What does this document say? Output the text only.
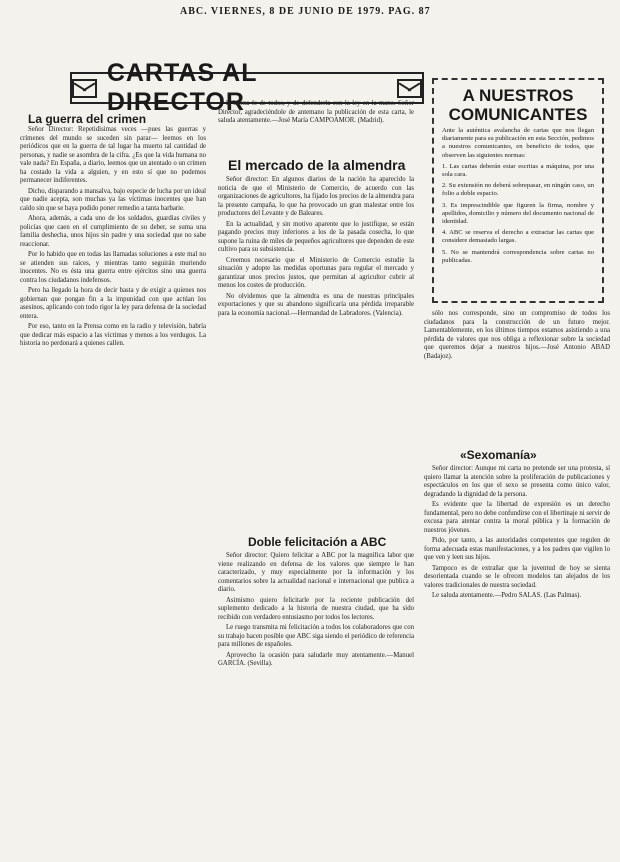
ABC. VIERNES, 8 DE JUNIO DE 1979. PAG. 87
CARTAS AL DIRECTOR	A NUESTROS COMUNICANTES

Ante la auténtica avalancha de cartas que nos llegan diariamente para su publicación en esta Sección, pedimos a nuestros comunicantes, en beneficio de todos, que observen las siguientes normas:

1. Las cartas deberán estar escritas a máquina, por una sola cara.

2. Su extensión no deberá sobrepasar, en ningún caso, un folio a doble espacio.

3. Es imprescindible que figuren la firma, nombre y apellidos, domicilio y número del documento nacional de identidad.

4. ABC se reserva el derecho a extractar las cartas que considere demasiado largas.

5. No se mantendrá correspondencia sobre cartas no publicadas.

La guerra del crimen

Señor Director: Repetidísimas veces —pues las guerras y crímenes del mundo se suceden sin parar— leemos en los periódicos que en la guerra de tal lugar ha muerto tal cantidad de personas, y nadie se asombra de la cifra. ¿Es que la vida humana no vale nada? En España, a diario, leemos que un atentado o un crimen ha costado la vida a alguien, y en esto sí que no podemos permanecer indiferentes.

Dicho, disparando a mansalva, bajo especie de lucha por un ideal que nadie acepta, son muchas ya las víctimas inocentes que han caído sin que se haya podido poner remedio a tanta barbarie.

Ahora, además, a cada uno de los soldados, guardias civiles y policías que caen en el cumplimiento de su deber, se suma una familia deshecha, unos hijos sin padre y una sociedad que no sabe reaccionar.

Por lo habido que en todas las llamadas soluciones a este mal no se atienden sus raíces, y mientras tanto seguirán muriendo inocentes. No es ésta una guerra entre ejércitos sino una guerra contra los ciudadanos indefensos.

Pero ha llegado la hora de decir basta y de exigir a quienes nos gobiernan que pongan fin a la impunidad con que actúan los asesinos, aplicando con todo rigor la ley para defensa de la sociedad entera.

Por eso, tanto en la Prensa como en la radio y televisión, habría que dedicar más espacio a las víctimas y menos a los verdugos. La historia no perdonará a quienes callen.

la buena fe de todos, y de defenderla con la ley en la mano. Señor Director, agradeciéndole de antemano la publicación de esta carta, le saluda atentamente.—José María CAMPOAMOR. (Madrid).

El mercado de la almendra

Señor director: En algunos diarios de la nación ha aparecido la noticia de que el Ministerio de Comercio, de acuerdo con las organizaciones de agricultores, ha fijado los precios de la almendra para la presente campaña, lo que ha provocado un gran malestar entre los productores del Levante y de Baleares.

En la actualidad, y sin motivo aparente que lo justifique, se están pagando precios muy inferiores a los de la pasada cosecha, lo que supone la ruina de miles de pequeños agricultores que dependen de este cultivo para su subsistencia.

Creemos necesario que el Ministerio de Comercio estudie la situación y adopte las medidas oportunas para regular el mercado y garantizar unos precios justos, que permitan al agricultor cubrir al menos los costes de producción.

No olvidemos que la almendra es una de nuestras principales exportaciones y que su abandono significaría una pérdida irreparable para la economía nacional.—Hermandad de Labradores. (Valencia).

Doble felicitación a ABC

Señor director: Quiero felicitar a ABC por la magnífica labor que viene realizando en defensa de los valores que siempre le han caracterizado, y muy especialmente por la información y los comentarios sobre la actualidad nacional e internacional que publica a diario.

Asimismo quiero felicitarle por la reciente publicación del suplemento dedicado a la historia de nuestra ciudad, que ha sido recibido con verdadero entusiasmo por todos los lectores.

Le ruego transmita mi felicitación a todos los colaboradores que con su trabajo hacen posible que ABC siga siendo el periódico de referencia para millones de españoles.

Aprovecho la ocasión para saludarle muy atentamente.—Manuel GARCÍA. (Sevilla).

sólo nos corresponde, sino un compromiso de todos los ciudadanos para la construcción de un futuro mejor. Lamentablemente, en los últimos tiempos estamos asistiendo a una pérdida de valores que nos obliga a reflexionar sobre la sociedad que queremos dejar a nuestros hijos.—José Antonio ABAD (Badajoz).

«Sexomanía»

Señor director: Aunque mi carta no pretende ser una protesta, sí quiero llamar la atención sobre la proliferación de publicaciones y espectáculos en los que el sexo se presenta como único valor, degradando la dignidad de la persona.

Es evidente que la libertad de expresión es un derecho fundamental, pero no debe confundirse con el libertinaje ni servir de excusa para atentar contra la moral pública y la formación de nuestros jóvenes.

Pido, por tanto, a las autoridades competentes que regulen de forma adecuada estas manifestaciones, y a los padres que vigilen lo que ven y leen sus hijos.

Tampoco es de extrañar que la juventud de hoy se sienta desorientada cuando se le ofrecen modelos tan alejados de los valores tradicionales de nuestra sociedad.

Le saluda atentamente.—Pedro SALAS. (Las Palmas).
